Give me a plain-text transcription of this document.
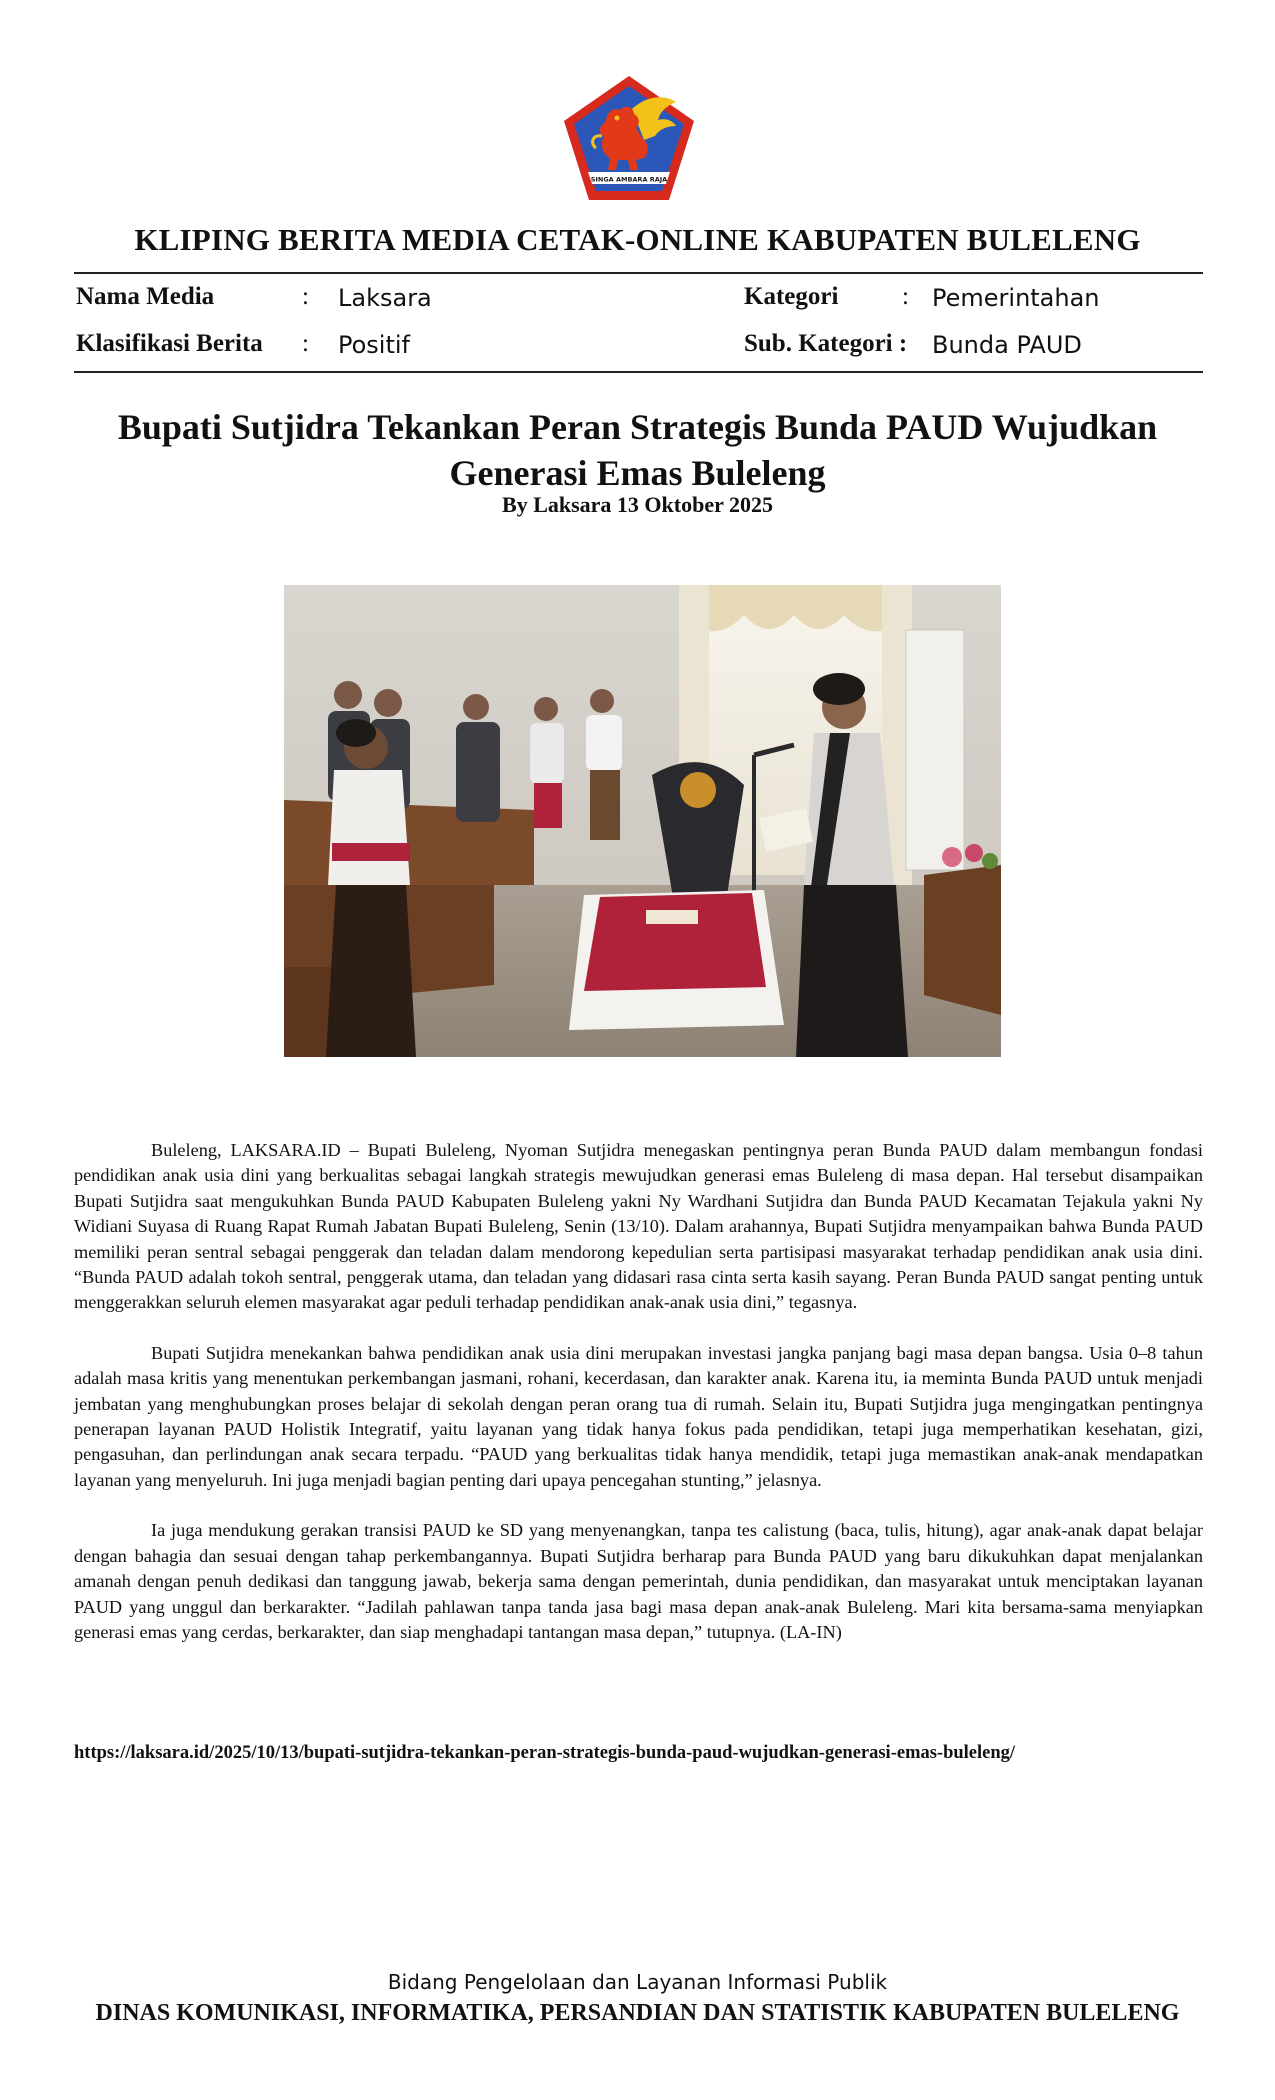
SINGA AMBARA RAJA
KLIPING BERITA MEDIA CETAK-ONLINE KABUPATEN BULELENG
Nama Media	: Laksara
Klasifikasi Berita : Positif
Kategori	: Pemerintahan
Sub. Kategori : Bunda PAUD
Bupati Sutjidra Tekankan Peran Strategis Bunda PAUD Wujudkan Generasi Emas Buleleng
By Laksara 13 Oktober 2025

Buleleng, LAKSARA.ID – Bupati Buleleng, Nyoman Sutjidra menegaskan pentingnya peran Bunda PAUD dalam membangun fondasi pendidikan anak usia dini yang berkualitas sebagai langkah strategis mewujudkan generasi emas Buleleng di masa depan. Hal tersebut disampaikan Bupati Sutjidra saat mengukuhkan Bunda PAUD Kabupaten Buleleng yakni Ny Wardhani Sutjidra dan Bunda PAUD Kecamatan Tejakula yakni Ny Widiani Suyasa di Ruang Rapat Rumah Jabatan Bupati Buleleng, Senin (13/10). Dalam arahannya, Bupati Sutjidra menyampaikan bahwa Bunda PAUD memiliki peran sentral sebagai penggerak dan teladan dalam mendorong kepedulian serta partisipasi masyarakat terhadap pendidikan anak usia dini. “Bunda PAUD adalah tokoh sentral, penggerak utama, dan teladan yang didasari rasa cinta serta kasih sayang. Peran Bunda PAUD sangat penting untuk menggerakkan seluruh elemen masyarakat agar peduli terhadap pendidikan anak-anak usia dini,” tegasnya.

Bupati Sutjidra menekankan bahwa pendidikan anak usia dini merupakan investasi jangka panjang bagi masa depan bangsa. Usia 0–8 tahun adalah masa kritis yang menentukan perkembangan jasmani, rohani, kecerdasan, dan karakter anak. Karena itu, ia meminta Bunda PAUD untuk menjadi jembatan yang menghubungkan proses belajar di sekolah dengan peran orang tua di rumah. Selain itu, Bupati Sutjidra juga mengingatkan pentingnya penerapan layanan PAUD Holistik Integratif, yaitu layanan yang tidak hanya fokus pada pendidikan, tetapi juga memperhatikan kesehatan, gizi, pengasuhan, dan perlindungan anak secara terpadu. “PAUD yang berkualitas tidak hanya mendidik, tetapi juga memastikan anak-anak mendapatkan layanan yang menyeluruh. Ini juga menjadi bagian penting dari upaya pencegahan stunting,” jelasnya.

Ia juga mendukung gerakan transisi PAUD ke SD yang menyenangkan, tanpa tes calistung (baca, tulis, hitung), agar anak-anak dapat belajar dengan bahagia dan sesuai dengan tahap perkembangannya. Bupati Sutjidra berharap para Bunda PAUD yang baru dikukuhkan dapat menjalankan amanah dengan penuh dedikasi dan tanggung jawab, bekerja sama dengan pemerintah, dunia pendidikan, dan masyarakat untuk menciptakan layanan PAUD yang unggul dan berkarakter. “Jadilah pahlawan tanpa tanda jasa bagi masa depan anak-anak Buleleng. Mari kita bersama-sama menyiapkan generasi emas yang cerdas, berkarakter, dan siap menghadapi tantangan masa depan,” tutupnya. (LA-IN)

https://laksara.id/2025/10/13/bupati-sutjidra-tekankan-peran-strategis-bunda-paud-wujudkan-generasi-emas-buleleng/
Bidang Pengelolaan dan Layanan Informasi Publik
DINAS KOMUNIKASI, INFORMATIKA, PERSANDIAN DAN STATISTIK KABUPATEN BULELENG
